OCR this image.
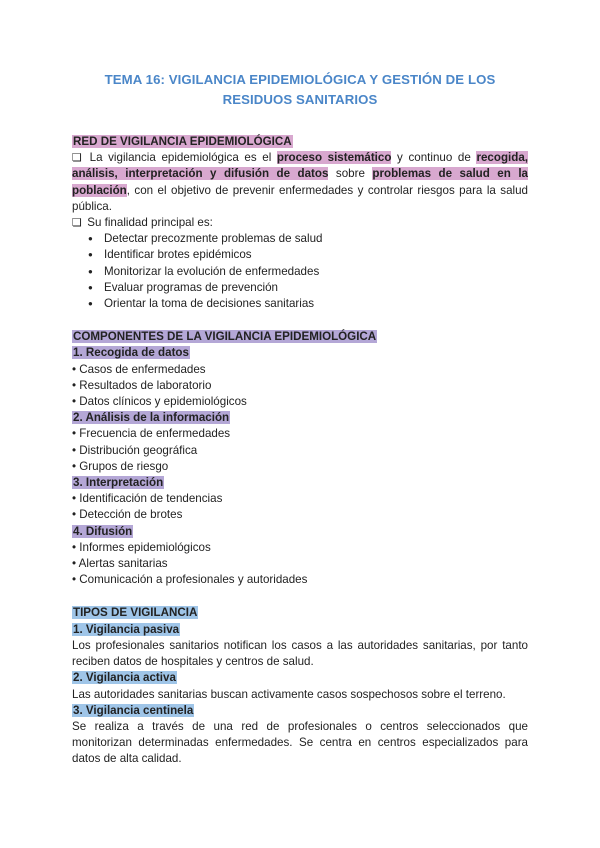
TEMA 16: VIGILANCIA EPIDEMIOLÓGICA Y GESTIÓN DE LOS
RESIDUOS SANITARIOS
RED DE VIGILANCIA EPIDEMIOLÓGICA

❏ La vigilancia epidemiológica es el proceso sistemático y continuo de recogida, análisis, interpretación y difusión de datos sobre problemas de salud en la población, con el objetivo de prevenir enfermedades y controlar riesgos para la salud pública.

❏ Su finalidad principal es:

● Detectar precozmente problemas de salud
● Identificar brotes epidémicos
● Monitorizar la evolución de enfermedades
● Evaluar programas de prevención
● Orientar la toma de decisiones sanitarias
COMPONENTES DE LA VIGILANCIA EPIDEMIOLÓGICA
1. Recogida de datos
• Casos de enfermedades
• Resultados de laboratorio
• Datos clínicos y epidemiológicos
2. Análisis de la información
• Frecuencia de enfermedades
• Distribución geográfica
• Grupos de riesgo
3. Interpretación
• Identificación de tendencias
• Detección de brotes
4. Difusión
• Informes epidemiológicos
• Alertas sanitarias
• Comunicación a profesionales y autoridades
TIPOS DE VIGILANCIA
1. Vigilancia pasiva

Los profesionales sanitarios notifican los casos a las autoridades sanitarias, por tanto reciben datos de hospitales y centros de salud.

2. Vigilancia activa

Las autoridades sanitarias buscan activamente casos sospechosos sobre el terreno.

3. Vigilancia centinela

Se realiza a través de una red de profesionales o centros seleccionados que monitorizan determinadas enfermedades. Se centra en centros especializados para datos de alta calidad.
